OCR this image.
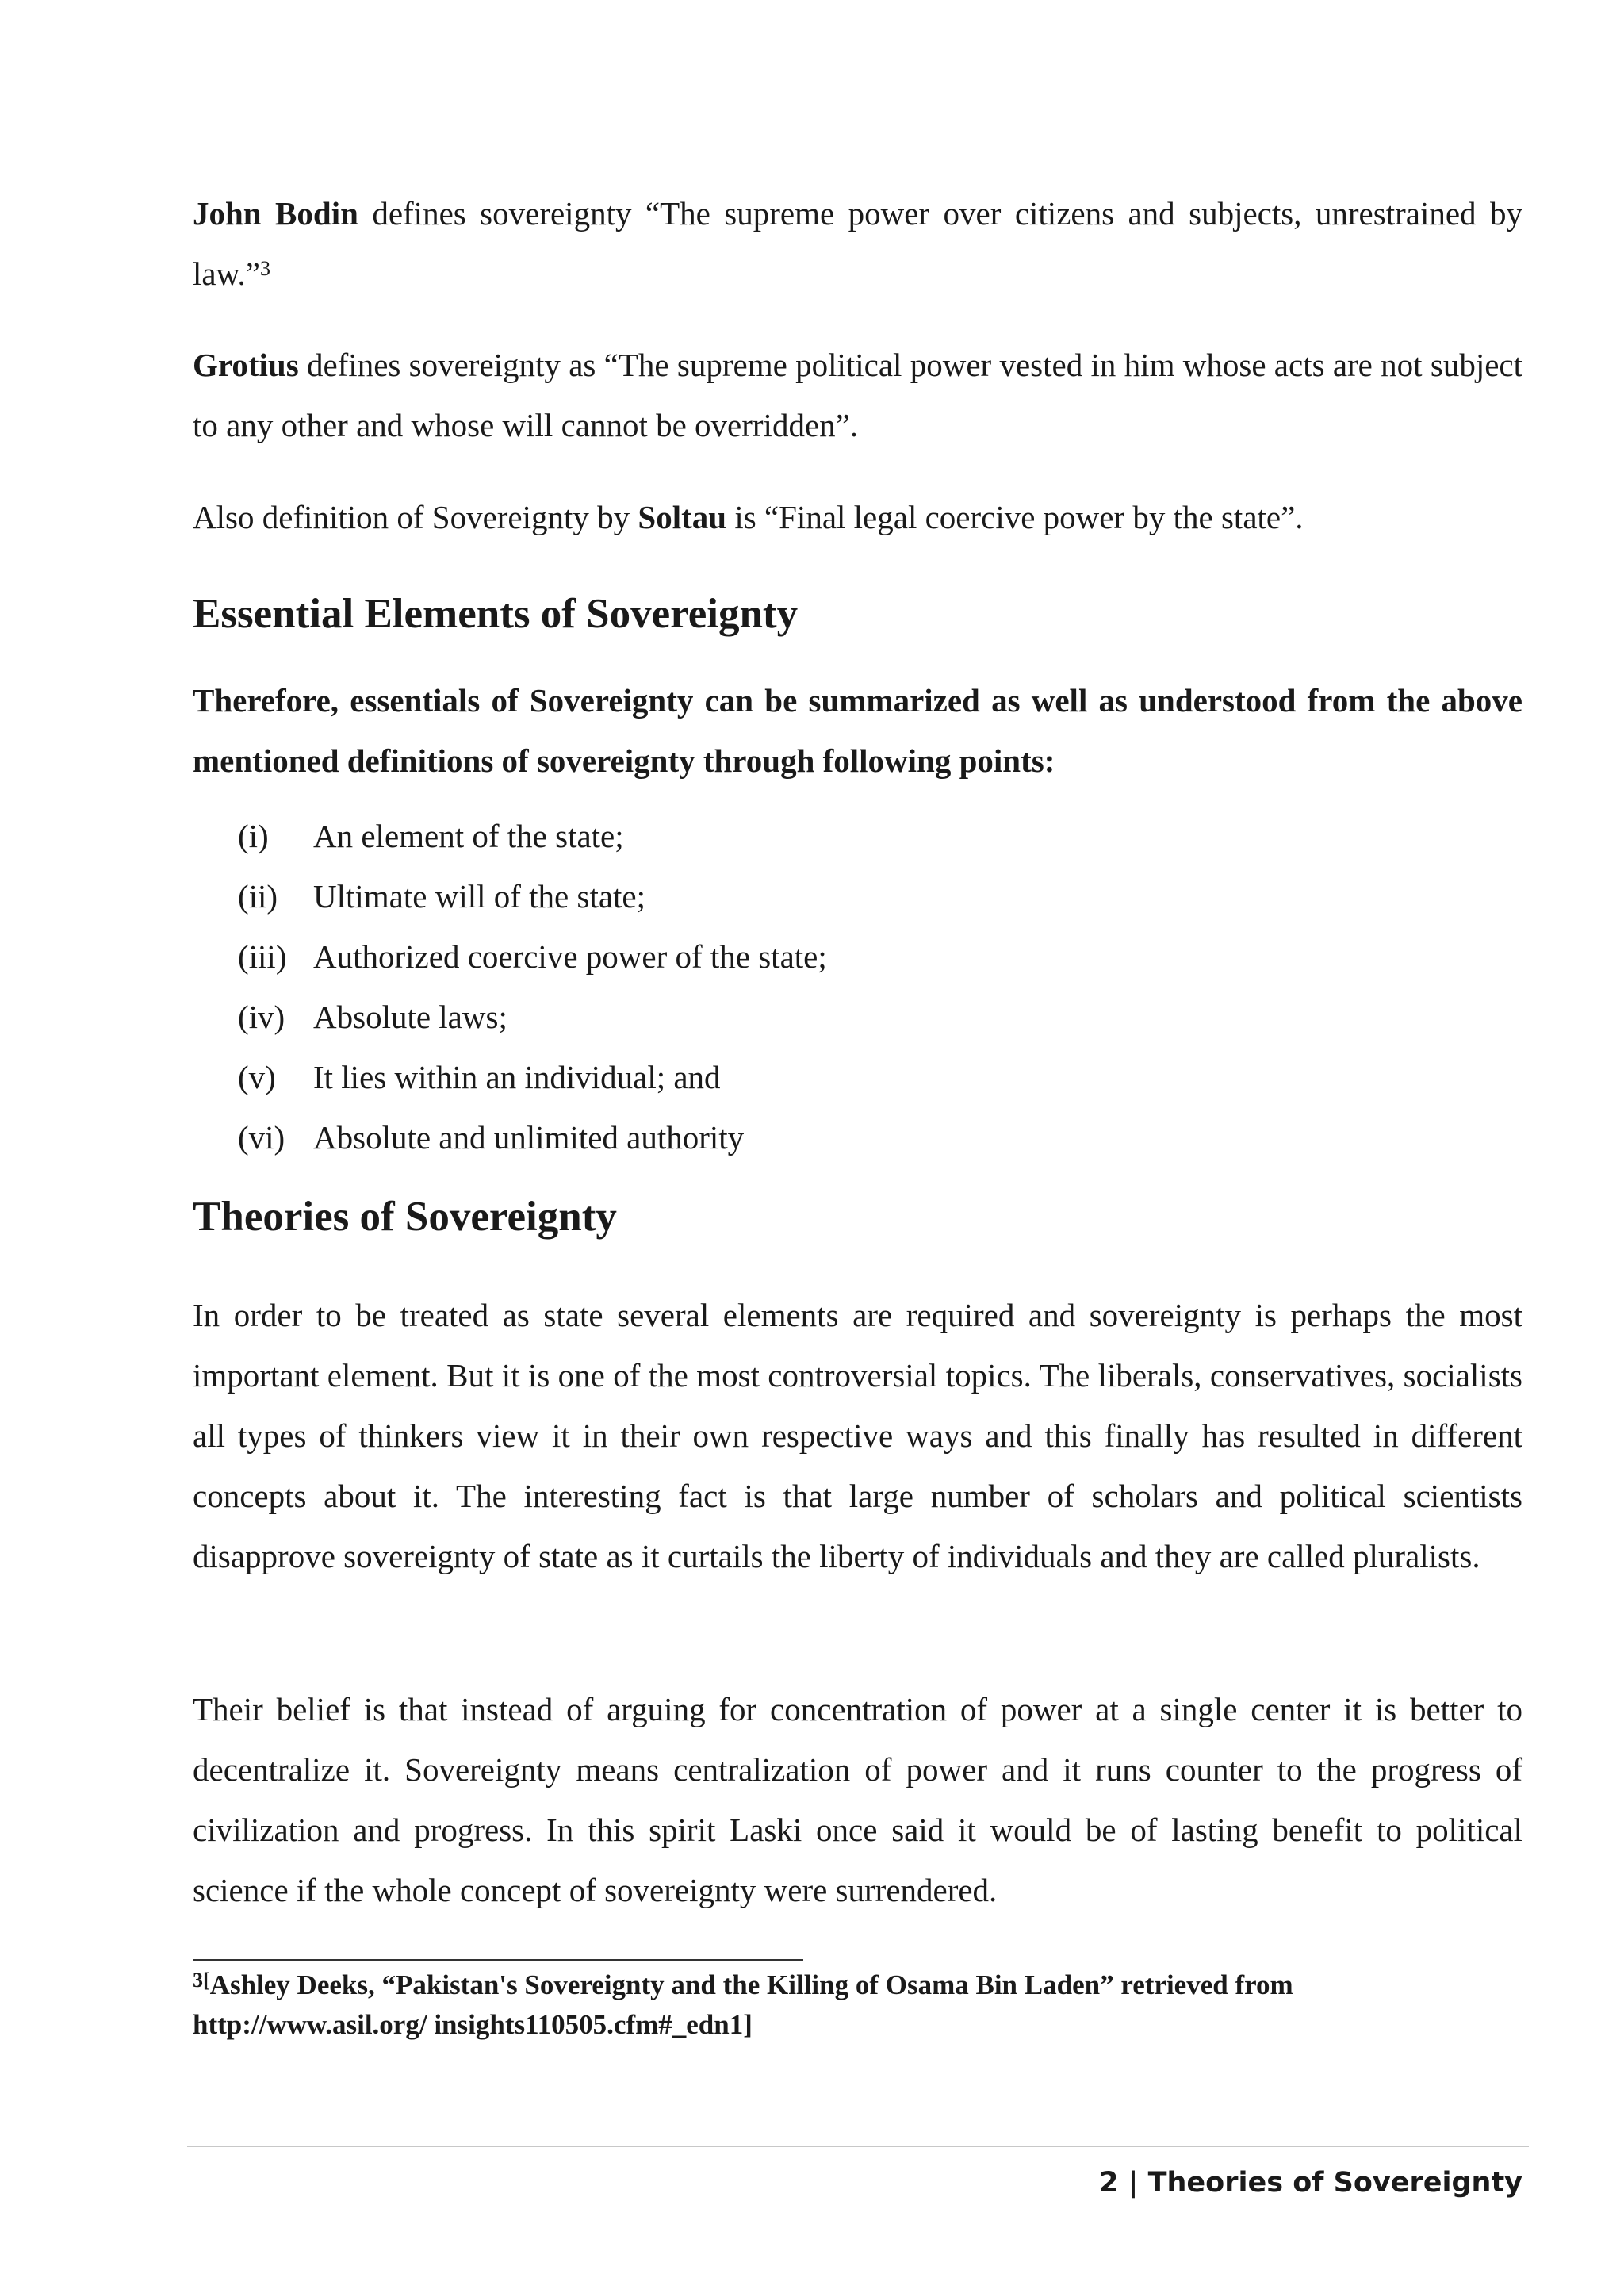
John Bodin defines sovereignty “The supreme power over citizens and subjects, unrestrained by law.”$^3$

Grotius defines sovereignty as “The supreme political power vested in him whose acts are not subject to any other and whose will cannot be overridden”.

Also definition of Sovereignty by Soltau is “Final legal coercive power by the state”.

Essential Elements of Sovereignty

Therefore, essentials of Sovereignty can be summarized as well as understood from the above mentioned definitions of sovereignty through following points:

(i)	An element of the state;
(ii)	Ultimate will of the state;
(iii) Authorized coercive power of the state;
(iv) Absolute laws;
(v)	It lies within an individual; and
(vi) Absolute and unlimited authority
Theories of Sovereignty

In order to be treated as state several elements are required and sovereignty is perhaps the most important element. But it is one of the most controversial topics. The liberals, conservatives, socialists all types of thinkers view it in their own respective ways and this finally has resulted in different concepts about it. The interesting fact is that large number of scholars and political scientists disapprove sovereignty of state as it curtails the liberty of individuals and they are called pluralists.

Their belief is that instead of arguing for concentration of power at a single center it is better to decentralize it. Sovereignty means centralization of power and it runs counter to the progress of civilization and progress. In this spirit Laski once said it would be of lasting benefit to political science if the whole concept of sovereignty were surrendered.

$^{3[}$Ashley Deeks, “Pakistan's Sovereignty and the Killing of Osama Bin Laden” retrieved from http://www.asil.org/ insights110505.cfm#_edn1]

2 | Theories of Sovereignty
